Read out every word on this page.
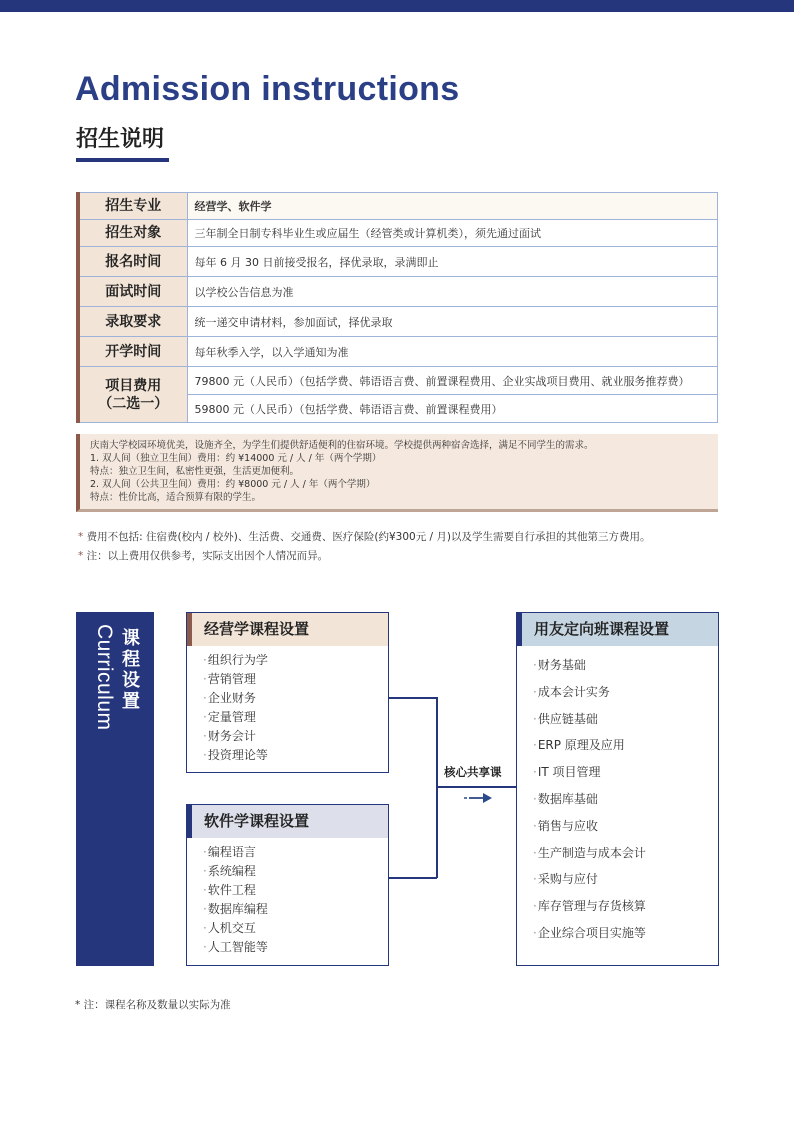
Admission instructions
招生说明
招生专业	经营学、软件学
招生对象	三年制全日制专科毕业生或应届生（经管类或计算机类），须先通过面试
报名时间	每年 6 月 30 日前接受报名，择优录取，录满即止
面试时间	以学校公告信息为准
录取要求	统一递交申请材料，参加面试，择优录取
开学时间	每年秋季入学，以入学通知为准
项目费用
（二选一）	79800 元（人民币）（包括学费、韩语语言费、前置课程费用、企业实战项目费用、就业服务推荐费）
	59800 元（人民币）（包括学费、韩语语言费、前置课程费用）
庆南大学校园环境优美，设施齐全，为学生们提供舒适便利的住宿环境。学校提供两种宿舍选择，满足不同学生的需求。
1. 双人间（独立卫生间）费用：约 ¥14000 元 / 人 / 年（两个学期）
特点：独立卫生间，私密性更强，生活更加便利。
2. 双人间（公共卫生间）费用：约 ¥8000 元 / 人 / 年（两个学期）
特点：性价比高，适合预算有限的学生。
* 费用不包括: 住宿费(校内 / 校外)、生活费、交通费、医疗保险(约¥300元 / 月)以及学生需要自行承担的其他第三方费用。
* 注：以上费用仅供参考，实际支出因个人情况而异。
课程设置
Curriculum	经营学课程设置
· 组织行为学
· 营销管理
· 企业财务
· 定量管理
· 财务会计
· 投资理论等
软件学课程设置
· 编程语言
· 系统编程
· 软件工程
· 数据库编程
· 人机交互
· 人工智能等
核心共享课
用友定向班课程设置
· 财务基础
· 成本会计实务
· 供应链基础
· ERP 原理及应用
· IT 项目管理
· 数据库基础
· 销售与应收
· 生产制造与成本会计
· 采购与应付
· 库存管理与存货核算
· 企业综合项目实施等
* 注：课程名称及数量以实际为准
